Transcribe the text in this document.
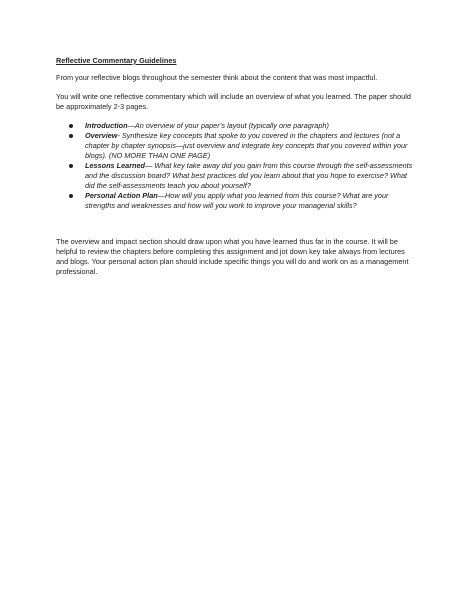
Reflective Commentary Guidelines

From your reflective blogs throughout the semester think about the content that was most impactful.

You will write one reflective commentary which will include an overview of what you learned. The paper should be approximately 2-3 pages.

Introduction—An overview of your paper’s layout (typically one paragraph)
Overview- Synthesize key concepts that spoke to you covered in the chapters and lectures (not a chapter by chapter synopsis—just overview and integrate key concepts that you covered within your blogs). (NO MORE THAN ONE PAGE)
Lessons Learned— What key take away did you gain from this course through the self-assessments and the discussion board? What best practices did you learn about that you hope to exercise? What did the self-assessments teach you about yourself?
Personal Action Plan—How will you apply what you learned from this course? What are your strengths and weaknesses and how will you work to improve your managerial skills?

The overview and impact section should draw upon what you have learned thus far in the course. It will be helpful to review the chapters before completing this assignment and jot down key take always from lectures and blogs. Your personal action plan should include specific things you will do and work on as a management professional.
